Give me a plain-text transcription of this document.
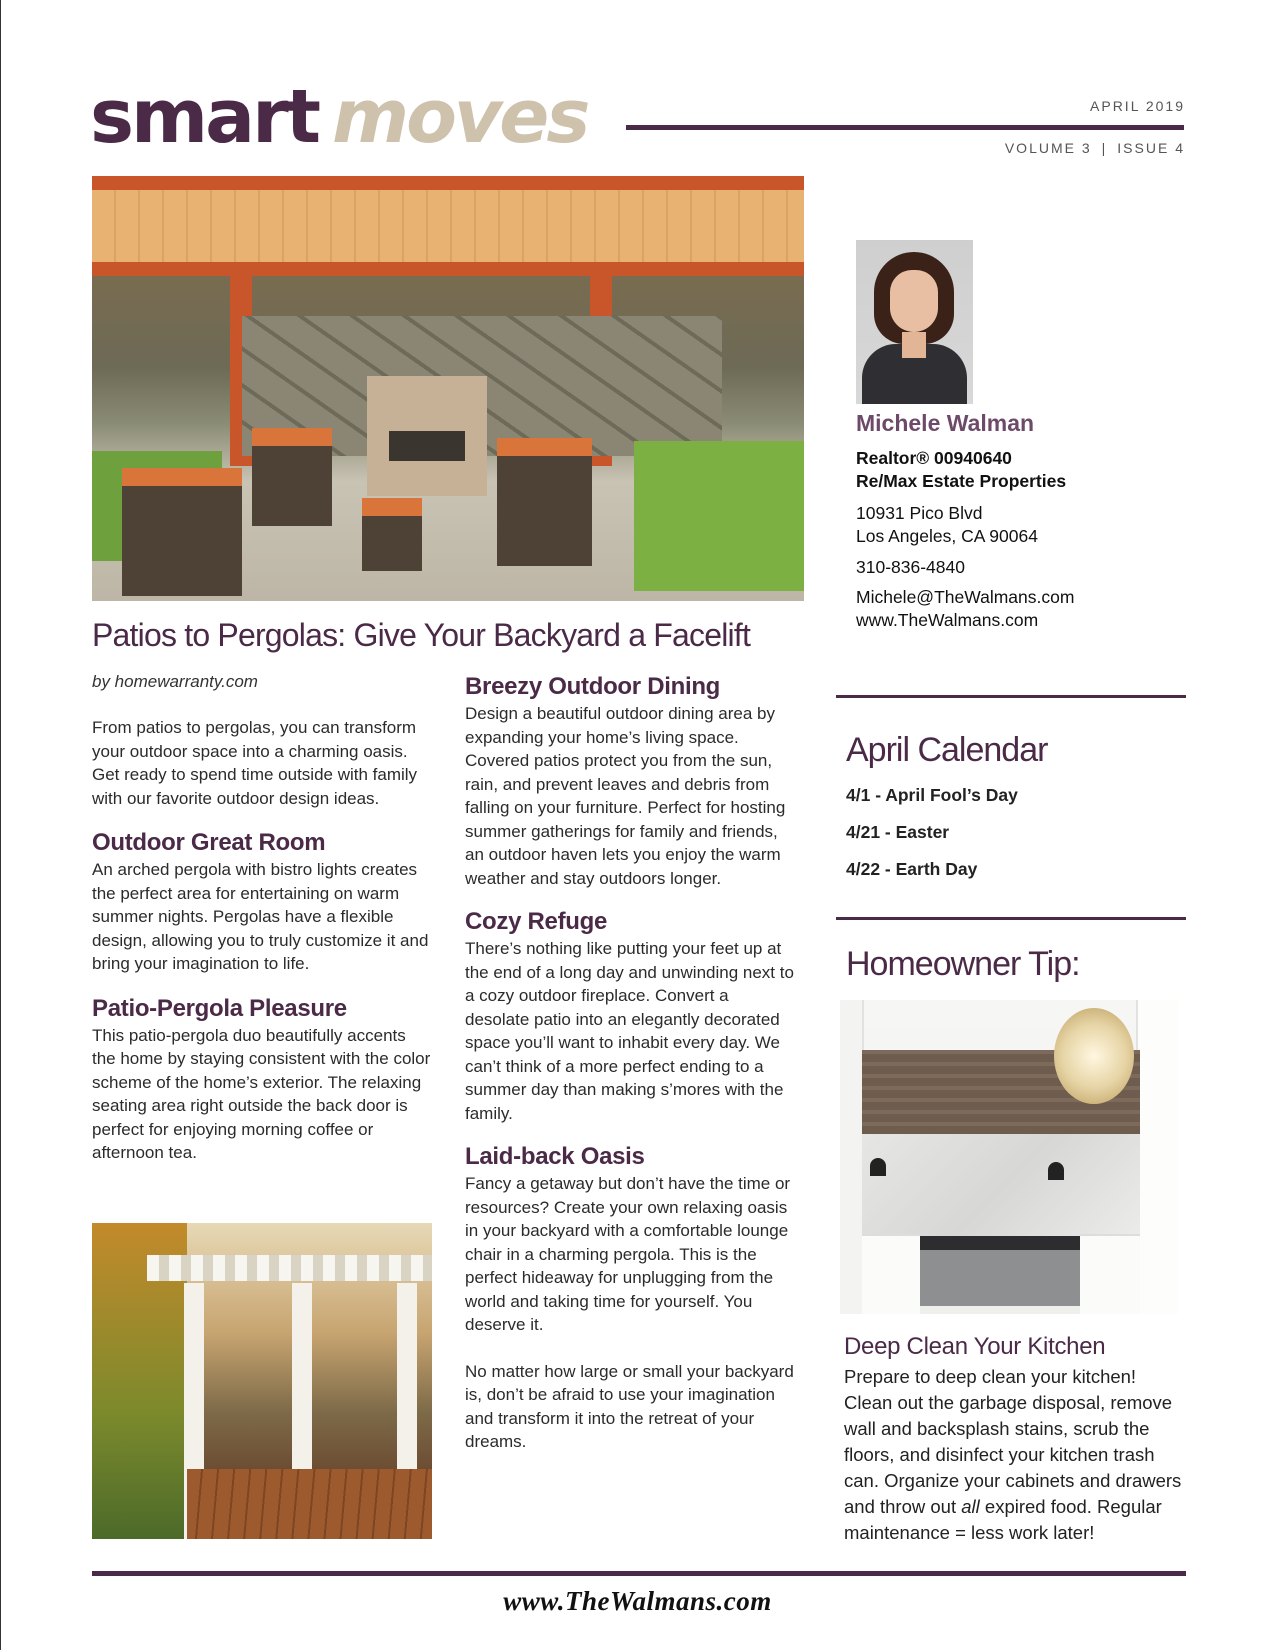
smart moves	APRIL 2019
VOLUME 3 | ISSUE 4
Patios to Pergolas: Give Your Backyard a Facelift

by homewarranty.com

From patios to pergolas, you can transform your outdoor space into a charming oasis. Get ready to spend time outside with family with our favorite outdoor design ideas.

Outdoor Great Room

An arched pergola with bistro lights creates the perfect area for entertaining on warm summer nights. Pergolas have a flexible design, allowing you to truly customize it and bring your imagination to life.

Patio-Pergola Pleasure

This patio-pergola duo beautifully accents the home by staying consistent with the color scheme of the home’s exterior. The relaxing seating area right outside the back door is perfect for enjoying morning coffee or afternoon tea.

Breezy Outdoor Dining

Design a beautiful outdoor dining area by expanding your home’s living space. Covered patios protect you from the sun, rain, and prevent leaves and debris from falling on your furniture. Perfect for hosting summer gatherings for family and friends, an outdoor haven lets you enjoy the warm weather and stay outdoors longer.

Cozy Refuge

There’s nothing like putting your feet up at the end of a long day and unwinding next to a cozy outdoor fireplace. Convert a desolate patio into an elegantly decorated space you’ll want to inhabit every day. We can’t think of a more perfect ending to a summer day than making s’mores with the family.

Laid-back Oasis

Fancy a getaway but don’t have the time or resources? Create your own relaxing oasis in your backyard with a comfortable lounge chair in a charming pergola. This is the perfect hideaway for unplugging from the world and taking time for yourself. You deserve it.

No matter how large or small your backyard is, don’t be afraid to use your imagination and transform it into the retreat of your dreams.

Michele Walman
Realtor® 00940640
Re/Max Estate Properties
10931 Pico Blvd
Los Angeles, CA 90064
310-836-4840
Michele@TheWalmans.com
www.TheWalmans.com
April Calendar
4/1 - April Fool’s Day
4/21 - Easter
4/22 - Earth Day
Homeowner Tip:
Deep Clean Your Kitchen

Prepare to deep clean your kitchen! Clean out the garbage disposal, remove wall and backsplash stains, scrub the floors, and disinfect your kitchen trash can. Organize your cabinets and drawers and throw out all expired food. Regular maintenance = less work later!

www.TheWalmans.com
